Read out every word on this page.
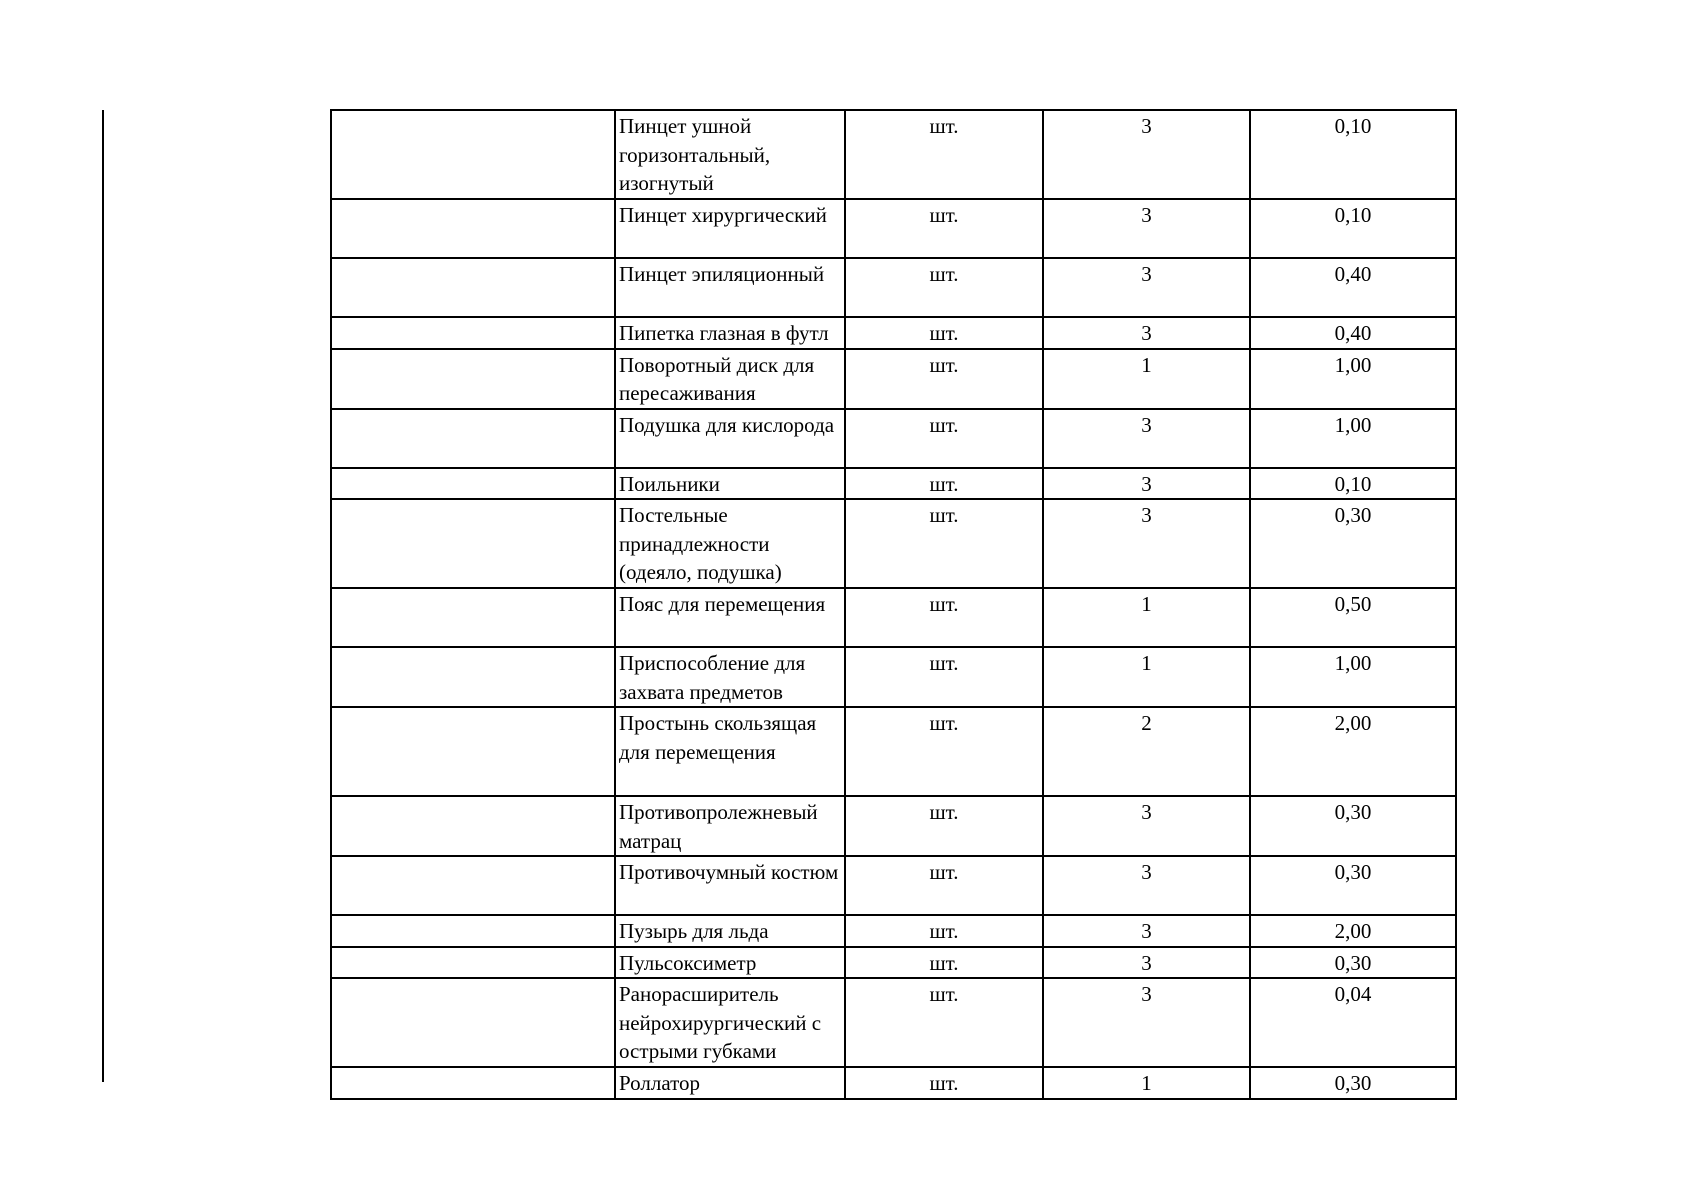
	Пинцет ушной горизонтальный, изогнутый	шт.	3	0,10

	Пинцет хирургический	шт.	3	0,10

	Пинцет эпиляционный	шт.	3	0,40

	Пипетка глазная в футл	шт.	3	0,40

	Поворотный диск для пересаживания	шт.	1	1,00

	Подушка для кислорода	шт.	3	1,00

	Поильники	шт.	3	0,10

	Постельные принадлежности (одеяло, подушка)	шт.	3	0,30

	Пояс для перемещения	шт.	1	0,50

	Приспособление для захвата предметов	шт.	1	1,00

	Простынь скользящая для перемещения	шт.	2	2,00

	Противопролежневый матрац	шт.	3	0,30

	Противочумный костюм	шт.	3	0,30

	Пузырь для льда	шт.	3	2,00

	Пульсоксиметр	шт.	3	0,30

	Ранорасширитель нейрохирургический с острыми губками	шт.	3	0,04

	Роллатор	шт.	1	0,30
